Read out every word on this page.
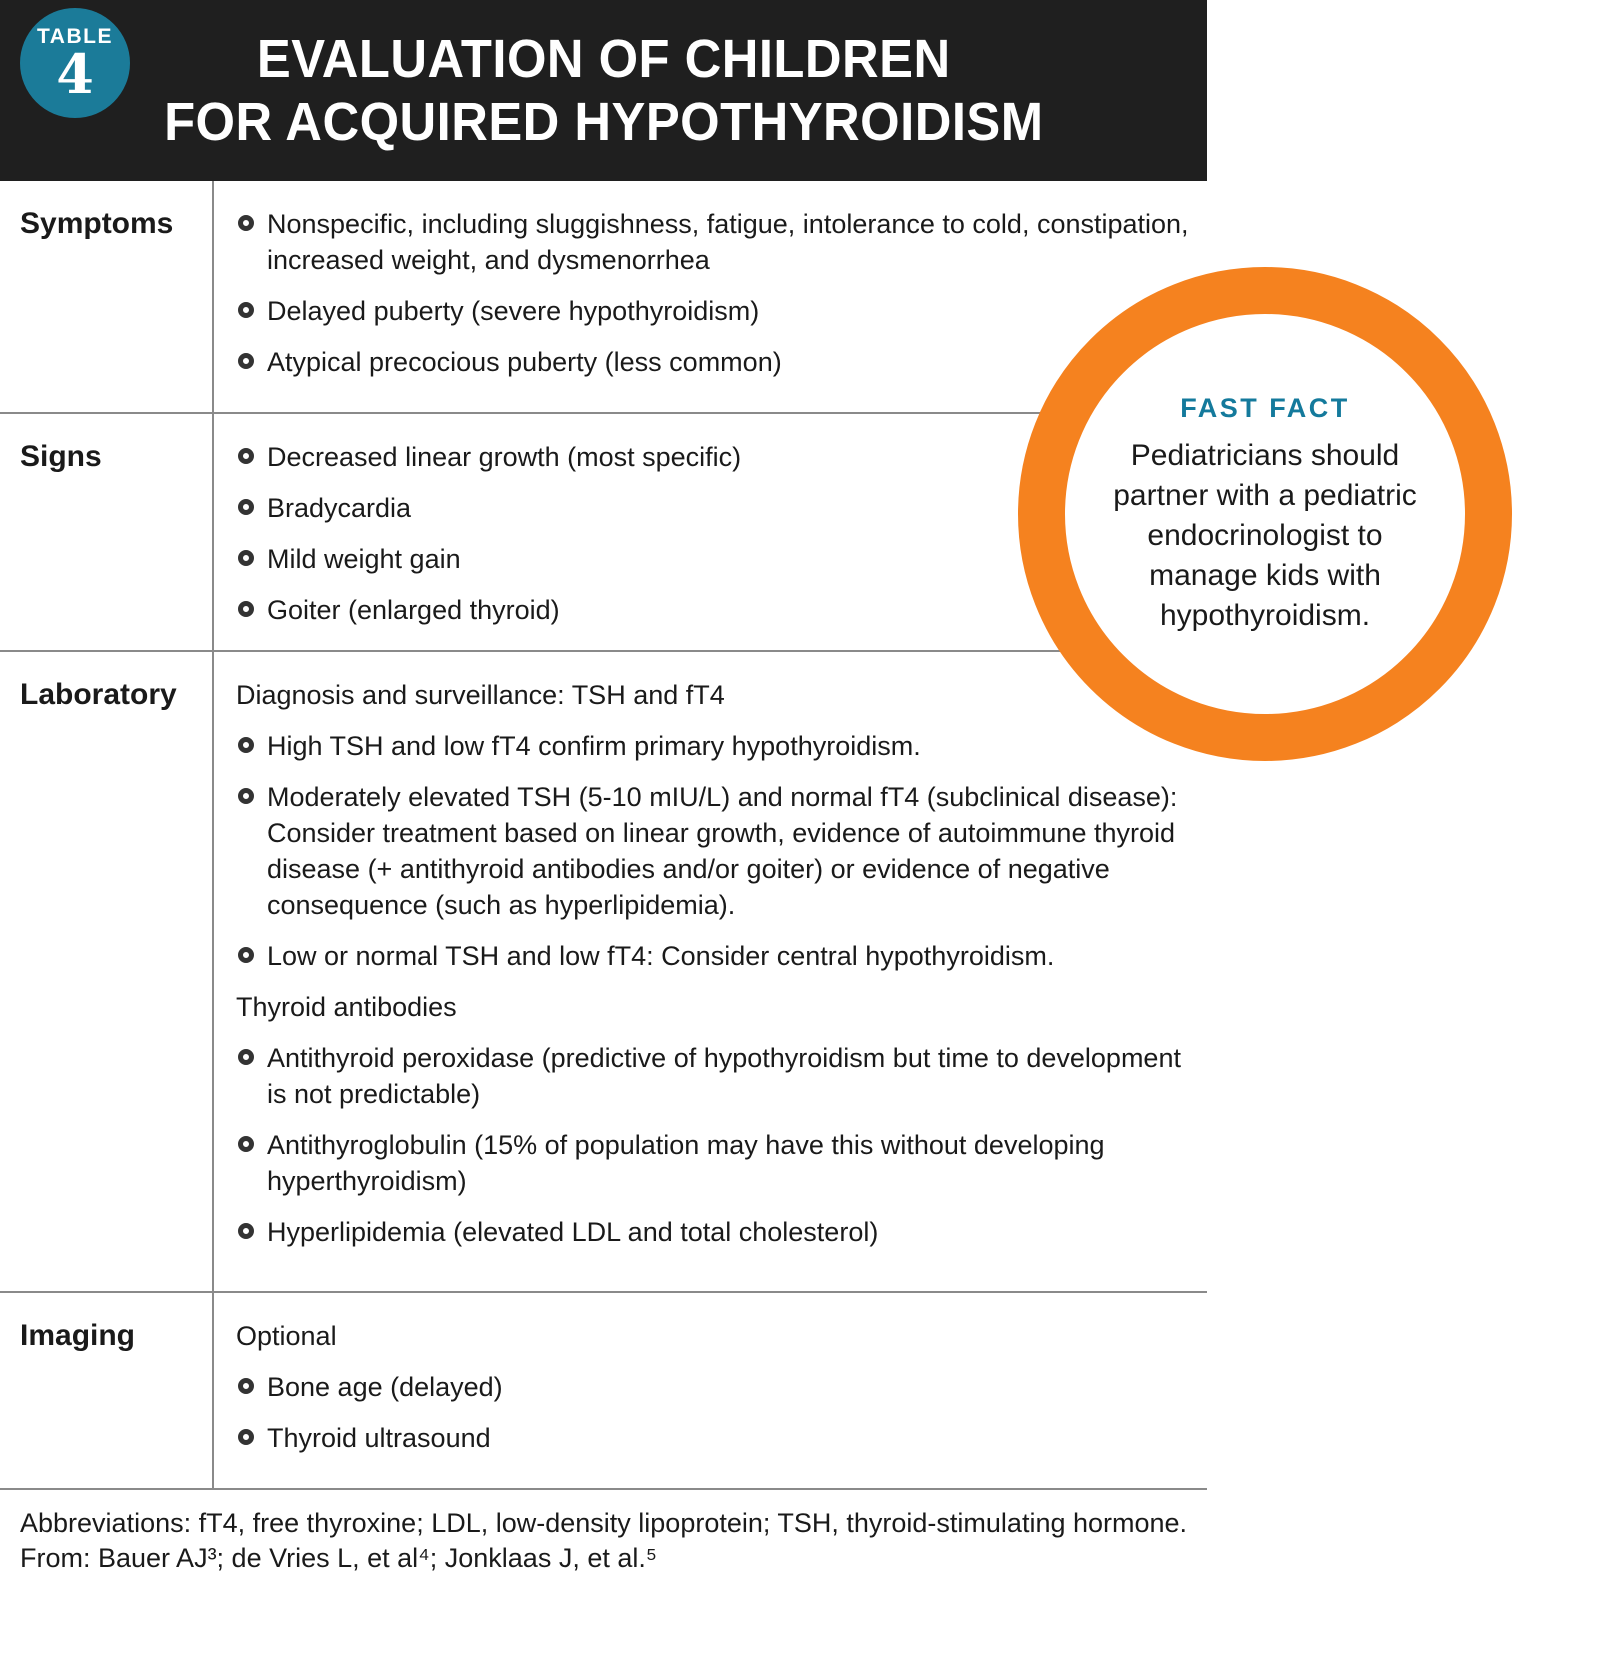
TABLE
4	EVALUATION OF CHILDREN
FOR ACQUIRED HYPOTHYROIDISM
Symptoms	Nonspecific, including sluggishness, fatigue, intolerance to cold, constipation, increased weight, and dysmenorrhea
Delayed puberty (severe hypothyroidism)
Atypical precocious puberty (less common)
Signs	Decreased linear growth (most specific)
Bradycardia
Mild weight gain
Goiter (enlarged thyroid)
Laboratory	Diagnosis and surveillance: TSH and fT4
High TSH and low fT4 confirm primary hypothyroidism.
Moderately elevated TSH (5-10 mIU/L) and normal fT4 (subclinical disease): Consider treatment based on linear growth, evidence of autoimmune thyroid disease (+ antithyroid antibodies and/or goiter) or evidence of negative consequence (such as hyperlipidemia).
Low or normal TSH and low fT4: Consider central hypothyroidism.
Thyroid antibodies
Antithyroid peroxidase (predictive of hypothyroidism but time to development is not predictable)
Antithyroglobulin (15% of population may have this without developing hyperthyroidism)
Hyperlipidemia (elevated LDL and total cholesterol)
Imaging	Optional
Bone age (delayed)
Thyroid ultrasound
Abbreviations: fT4, free thyroxine; LDL, low-density lipoprotein; TSH, thyroid-stimulating hormone.
From: Bauer AJ³; de Vries L, et al⁴; Jonklaas J, et al.⁵
FAST FACT
Pediatricians should partner with a pediatric endocrinologist to manage kids with hypothyroidism.
